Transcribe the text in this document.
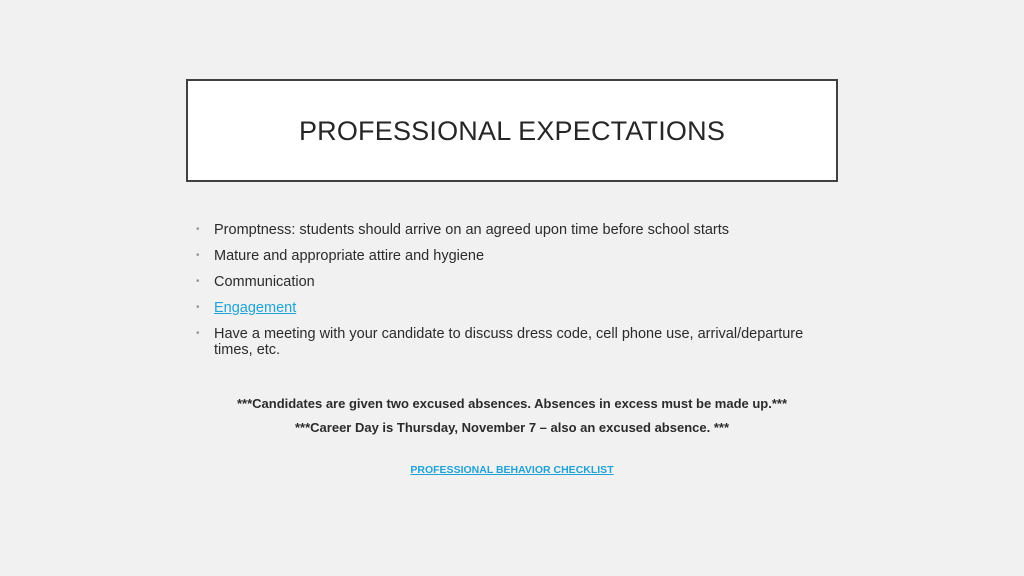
PROFESSIONAL EXPECTATIONS
• Promptness: students should arrive on an agreed upon time before school starts
• Mature and appropriate attire and hygiene
• Communication
• Engagement
• Have a meeting with your candidate to discuss dress code, cell phone use, arrival/departure times, etc.
***Candidates are given two excused absences. Absences in excess must be made up.***
***Career Day is Thursday, November 7 – also an excused absence. ***
PROFESSIONAL BEHAVIOR CHECKLIST
